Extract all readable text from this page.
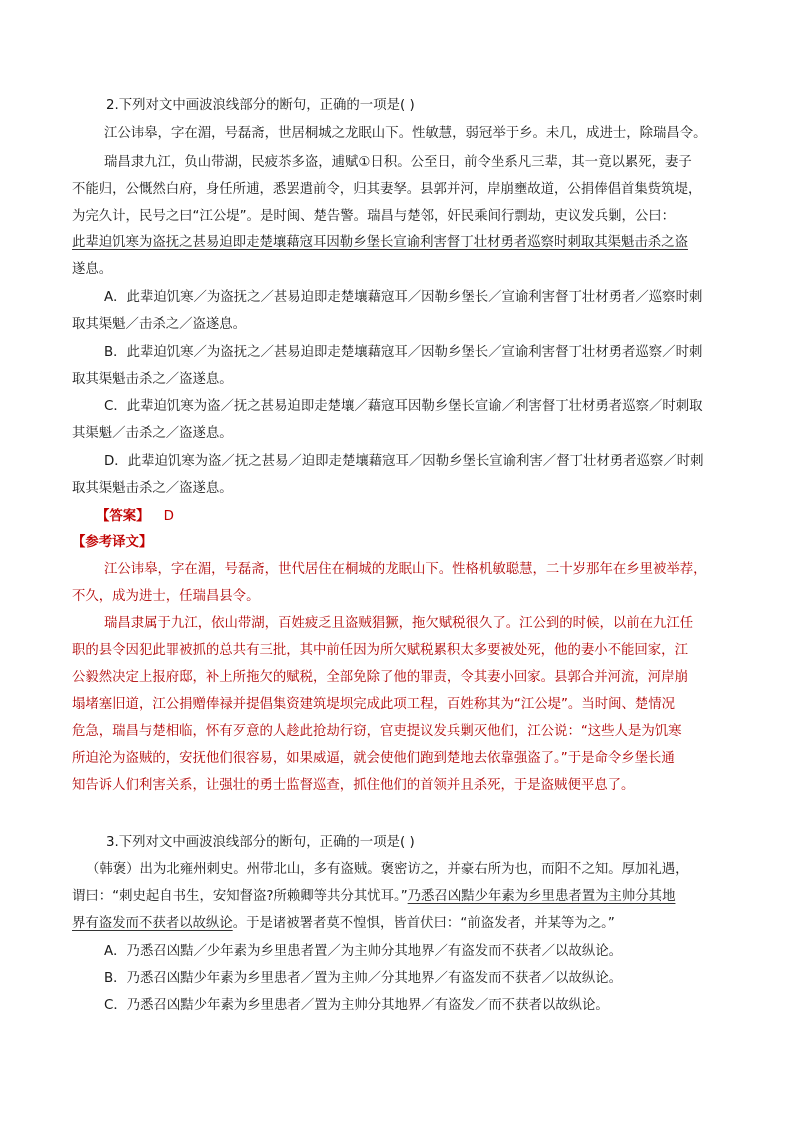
2.下列对文中画波浪线部分的断句，正确的一项是( )
江公讳皋，字在湄，号磊斋，世居桐城之龙眠山下。性敏慧，弱冠举于乡。未几，成进士，除瑞昌令。
瑞昌隶九江，负山带湖，民疲苶多盗，逋赋①日积。公至日，前令坐系凡三辈，其一竟以累死，妻子
不能归，公慨然白府，身任所逋，悉罢遣前令，归其妻孥。县郭并河，岸崩壅故道，公捐俸倡首集赀筑堤，
为完久计，民号之曰“江公堤”。是时闽、楚告警。瑞昌与楚邻，奸民乘间行剽劫，吏议发兵剿，公曰：
此辈迫饥寒为盗抚之甚易迫即走楚壤藉寇耳因勒乡堡长宣谕利害督丁壮材勇者巡察时刺取其渠魁击杀之盗
遂息。
A．此辈迫饥寒／为盗抚之／甚易迫即走楚壤藉寇耳／因勒乡堡长／宣谕利害督丁壮材勇者／巡察时刺
取其渠魁／击杀之／盗遂息。
B．此辈迫饥寒／为盗抚之／甚易迫即走楚壤藉寇耳／因勒乡堡长／宣谕利害督丁壮材勇者巡察／时刺
取其渠魁击杀之／盗遂息。
C．此辈迫饥寒为盗／抚之甚易迫即走楚壤／藉寇耳因勒乡堡长宣谕／利害督丁壮材勇者巡察／时刺取
其渠魁／击杀之／盗遂息。
D．此辈迫饥寒为盗／抚之甚易／迫即走楚壤藉寇耳／因勒乡堡长宣谕利害／督丁壮材勇者巡察／时刺
取其渠魁击杀之／盗遂息。
【答案】 D
【参考译文】
江公讳皋，字在湄，号磊斋，世代居住在桐城的龙眠山下。性格机敏聪慧，二十岁那年在乡里被举荐，
不久，成为进士，任瑞昌县令。
瑞昌隶属于九江，依山带湖，百姓疲乏且盗贼猖獗，拖欠赋税很久了。江公到的时候，以前在九江任
职的县令因犯此罪被抓的总共有三批，其中前任因为所欠赋税累积太多要被处死，他的妻小不能回家，江
公毅然决定上报府邸，补上所拖欠的赋税，全部免除了他的罪责，令其妻小回家。县郭合并河流，河岸崩
塌堵塞旧道，江公捐赠俸禄并提倡集资建筑堤坝完成此项工程，百姓称其为“江公堤”。当时闽、楚情况
危急，瑞昌与楚相临，怀有歹意的人趁此抢劫行窃，官吏提议发兵剿灭他们，江公说：“这些人是为饥寒
所迫沦为盗贼的，安抚他们很容易，如果威逼，就会使他们跑到楚地去依靠强盗了。”于是命令乡堡长通
知告诉人们利害关系，让强壮的勇士监督巡查，抓住他们的首领并且杀死，于是盗贼便平息了。
3.下列对文中画波浪线部分的断句，正确的一项是( )
（韩褒）出为北雍州刺史。州带北山，多有盗贼。褒密访之，并豪右所为也，而阳不之知。厚加礼遇，
谓曰：“刺史起自书生，安知督盗?所赖卿等共分其忧耳。”乃悉召凶黠少年素为乡里患者置为主帅分其地
界有盗发而不获者以故纵论。于是诸被署者莫不惶惧，皆首伏曰：“前盗发者，并某等为之。”
A．乃悉召凶黠／少年素为乡里患者置／为主帅分其地界／有盗发而不获者／以故纵论。
B．乃悉召凶黠少年素为乡里患者／置为主帅／分其地界／有盗发而不获者／以故纵论。
C．乃悉召凶黠少年素为乡里患者／置为主帅分其地界／有盗发／而不获者以故纵论。
